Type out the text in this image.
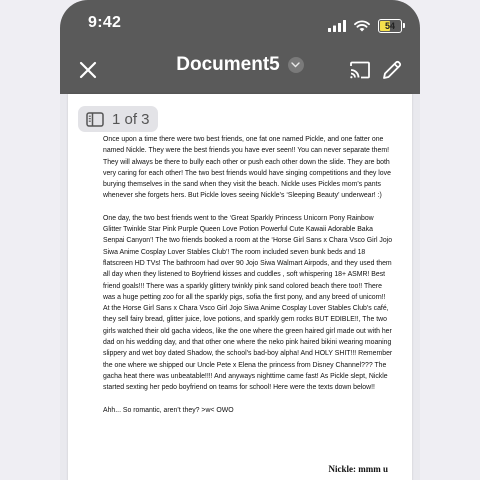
9:42	54
Document5

Once upon a time there were two best friends, one fat one named Pickle, and one fatter one named Nickle. They were the best friends you have ever seen!! You can never separate them! They will always be there to bully each other or push each other down the slide. They are both very caring for each other! The two best friends would have singing competitions and they love burying themselves in the sand when they visit the beach. Nickle uses Pickles mom’s pants whenever she forgets hers. But Pickle loves seeing Nickle’s ‘Sleeping Beauty’ underwear! :)

One day, the two best friends went to the ‘Great Sparkly Princess Unicorn Pony Rainbow Glitter Twinkle Star Pink Purple Queen Love Potion Powerful Cute Kawaii Adorable Baka Senpai Canyon’! The two friends booked a room at the ‘Horse Girl Sans x Chara Vsco Girl Jojo Siwa Anime Cosplay Lover Stables Club’! The room included seven bunk beds and 18 flatscreen HD TVs! The bathroom had over 90 Jojo Siwa Walmart Airpods, and they used them all day when they listened to Boyfriend kisses and cuddles , soft whispering 18+ ASMR! Best friend goals!!! There was a sparkly glittery twinkly pink sand colored beach there too!! There was a huge petting zoo for all the sparkly pigs, sofia the first pony, and any breed of unicorn!! At the Horse Girl Sans x Chara Vsco Girl Jojo Siwa Anime Cosplay Lover Stables Club’s café, they sell fairy bread, glitter juice, love potions, and sparkly gem rocks BUT EDIBLE!!, The two girls watched their old gacha videos, like the one where the green haired girl made out with her dad on his wedding day, and that other one where the neko pink haired bikini wearing moaning slippery and wet boy dated Shadow, the school’s bad-boy alpha! And HOLY SHIT!!! Remember the one where we shipped our Uncle Pete x Elena the princess from Disney Channel??? The gacha heat there was unbeatable!!!! And anyways nighttime came fast! As Pickle slept, Nickle started sexting her pedo boyfriend on teams for school! Here were the texts down below!!

Ahh... So romantic, aren’t they? >w< OWO

Nickle: mmm u
1 of 3
